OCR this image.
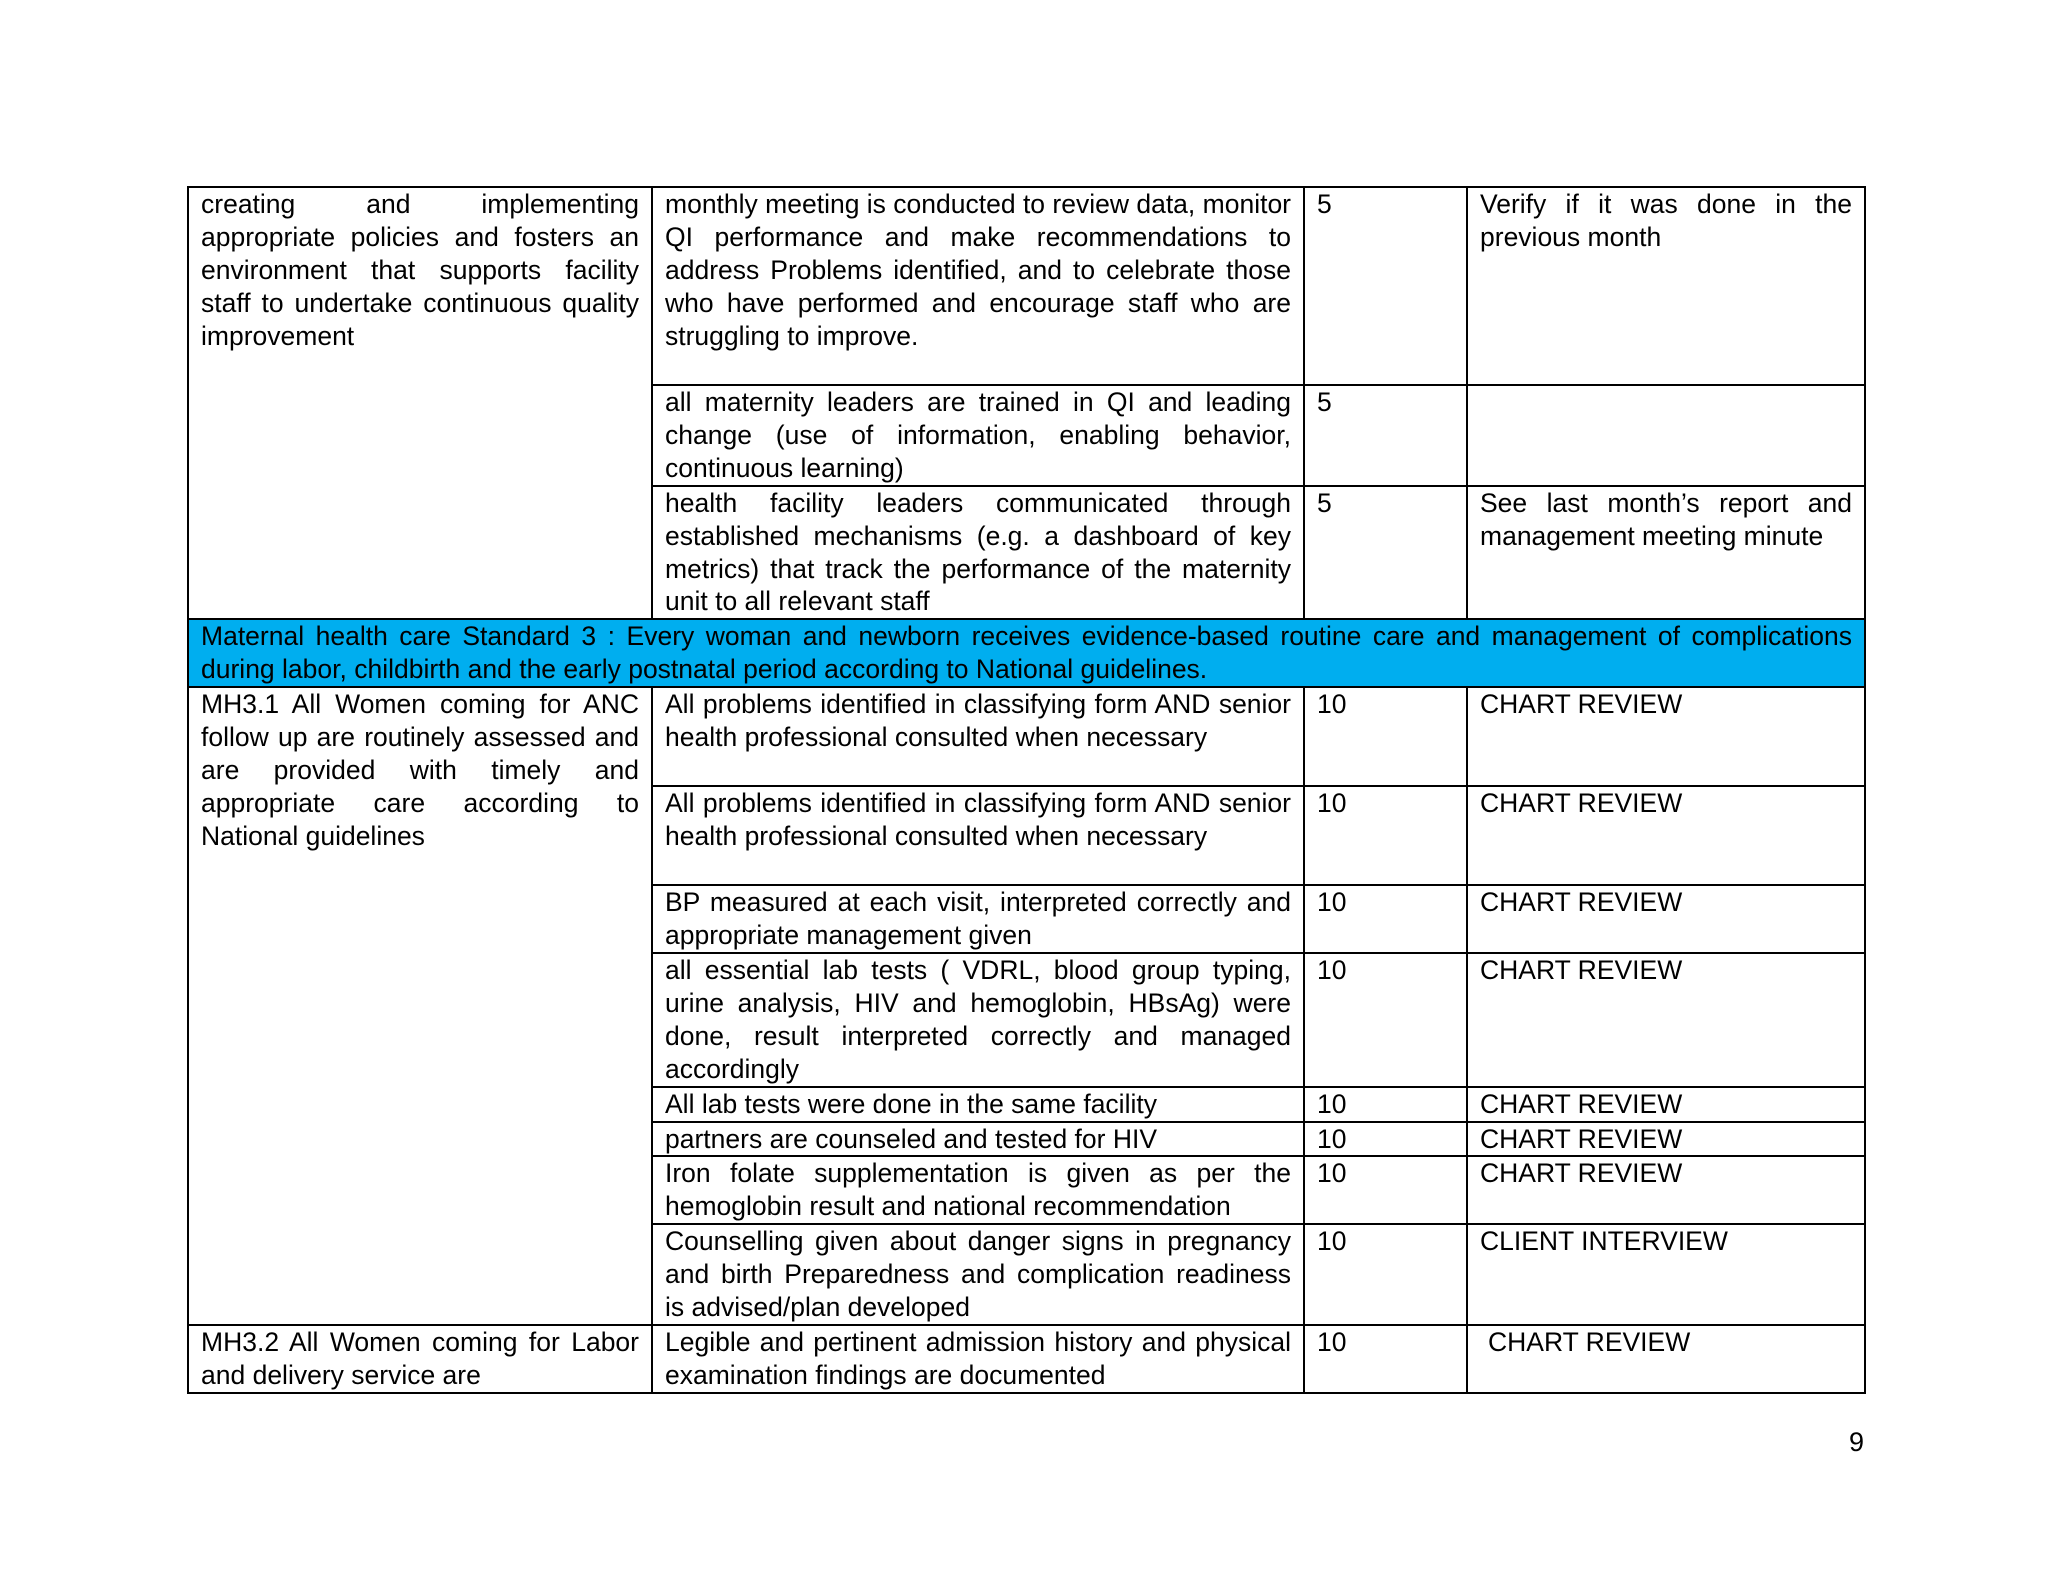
creating and implementing appropriate policies and fosters an environment that supports facility staff to undertake continuous quality improvement	monthly meeting is conducted to review data, monitor QI performance and make recommendations to address Problems identified, and to celebrate those who have performed and encourage staff who are struggling to improve.	5	Verify if it was done in the previous month
	all maternity leaders are trained in QI and leading change (use of information, enabling behavior, continuous learning)	5	
	health facility leaders communicated through established mechanisms (e.g. a dashboard of key metrics) that track the performance of the maternity unit to all relevant staff	5	See last month’s report and management meeting minute
Maternal health care Standard 3 : Every woman and newborn receives evidence-based routine care and management of complications during labor, childbirth and the early postnatal period according to National guidelines.			
MH3.1 All Women coming for ANC follow up are routinely assessed and are provided with timely and appropriate care according to National guidelines	All problems identified in classifying form AND senior health professional consulted when necessary	10	CHART REVIEW
	All problems identified in classifying form AND senior health professional consulted when necessary	10	CHART REVIEW
	BP measured at each visit, interpreted correctly and appropriate management given	10	CHART REVIEW
	all essential lab tests ( VDRL, blood group typing, urine analysis, HIV and hemoglobin, HBsAg) were done, result interpreted correctly and managed accordingly	10	CHART REVIEW
	All lab tests were done in the same facility	10	CHART REVIEW
	partners are counseled and tested for HIV	10	CHART REVIEW
	Iron folate supplementation is given as per the hemoglobin result and national recommendation	10	CHART REVIEW
	Counselling given about danger signs in pregnancy and birth Preparedness and complication readiness is advised/plan developed	10	CLIENT INTERVIEW
MH3.2 All Women coming for Labor and delivery service are	Legible and pertinent admission history and physical examination findings are documented	10	CHART REVIEW
9
